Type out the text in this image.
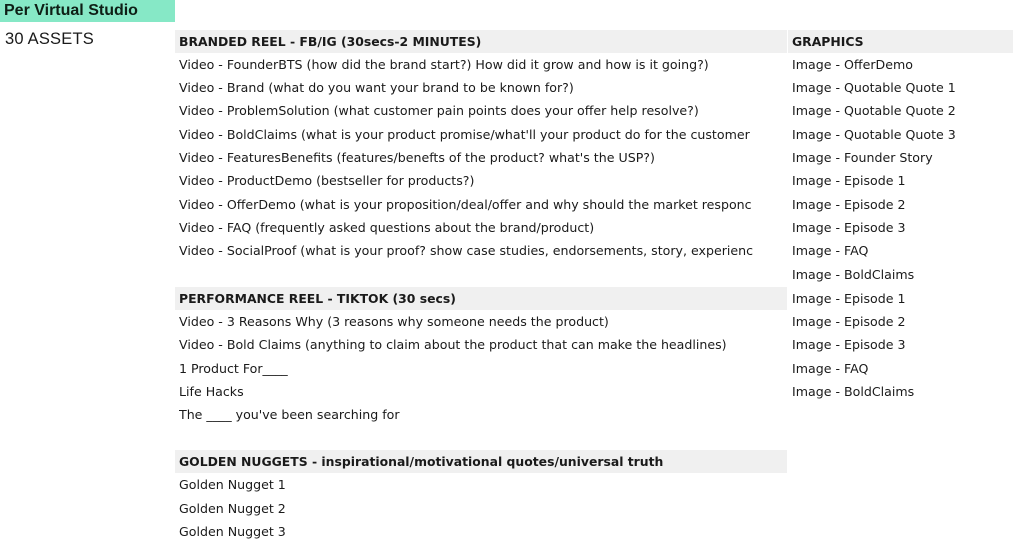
Per Virtual Studio
30 ASSETS	BRANDED REEL - FB/IG (30secs-2 MINUTES)
Video - FounderBTS (how did the brand start?) How did it grow and how is it going?)
Video - Brand (what do you want your brand to be known for?)
Video - ProblemSolution (what customer pain points does your offer help resolve?)
Video - BoldClaims (what is your product promise/what'll your product do for the customer
Video - FeaturesBenefits (features/benefts of the product? what's the USP?)
Video - ProductDemo (bestseller for products?)
Video - OfferDemo (what is your proposition/deal/offer and why should the market responc
Video - FAQ (frequently asked questions about the brand/product)
Video - SocialProof (what is your proof? show case studies, endorsements, story, experienc
GRAPHICS
Image - OfferDemo
Image - Quotable Quote 1
Image - Quotable Quote 2
Image - Quotable Quote 3
Image - Founder Story
Image - Episode 1
Image - Episode 2
Image - Episode 3
Image - FAQ
Image - BoldClaims
Image - Episode 1
Image - Episode 2
Image - Episode 3
Image - FAQ
Image - BoldClaims
PERFORMANCE REEL - TIKTOK (30 secs)
Video - 3 Reasons Why (3 reasons why someone needs the product)
Video - Bold Claims (anything to claim about the product that can make the headlines)
1 Product For____
Life Hacks
The ____ you've been searching for
GOLDEN NUGGETS - inspirational/motivational quotes/universal truth
Golden Nugget 1
Golden Nugget 2
Golden Nugget 3
